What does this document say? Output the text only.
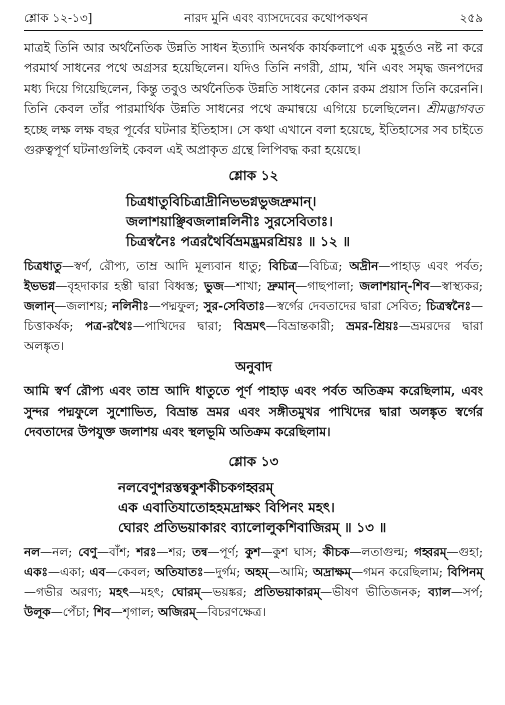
শ্লোক ১২-১৩]	নারদ মুনি এবং ব্যাসদেবের কথোপকথন	২৫৯

মাত্রই তিনি আর অর্থনৈতিক উন্নতি সাধন ইত্যাদি অনর্থক কার্যকলাপে এক মুহূর্তও নষ্ট না করে পরমার্থ সাধনের পথে অগ্রসর হয়েছিলেন। যদিও তিনি নগরী, গ্রাম, খনি এবং সমৃদ্ধ জনপদের মধ্য দিয়ে গিয়েছিলেন, কিন্তু তবুও অর্থনৈতিক উন্নতি সাধনের কোন রকম প্রয়াস তিনি করেননি। তিনি কেবল তাঁর পারমার্থিক উন্নতি সাধনের পথে ক্রমান্বয়ে এগিয়ে চলেছিলেন। শ্রীমদ্ভাগবত হচ্ছে লক্ষ লক্ষ বছর পূর্বের ঘটনার ইতিহাস। সে কথা এখানে বলা হয়েছে, ইতিহাসের সব চাইতে গুরুত্বপূর্ণ ঘটনাগুলিই কেবল এই অপ্রাকৃত গ্রন্থে লিপিবদ্ধ করা হয়েছে।

শ্লোক ১২
চিত্রধাতুবিচিত্রাদ্রীনিভভগ্নভুজদ্রুমান্।
জলাশয়াঞ্ছিবজলান্নলিনীঃ সুরসেবিতাঃ।
চিত্রস্বনৈঃ পত্ররথৈর্বিভ্রমদ্ভ্রমরশ্রিয়ঃ ॥ ১২ ॥

চিত্রধাতু—স্বর্ণ, রৌপ্য, তাম্র আদি মূল্যবান ধাতু; বিচিত্র—বিচিত্র; অদ্রীন—পাহাড় এবং পর্বত; ইভভগ্ন—বৃহদাকার হস্তী দ্বারা বিধ্বস্ত; ভুজ—শাখা; দ্রুমান্—গাছপালা; জলাশয়ান্-শিব—স্বাস্থ্যকর; জলান্—জলাশয়; নলিনীঃ—পদ্মফুল; সুর-সেবিতাঃ—স্বর্গের দেবতাদের দ্বারা সেবিত; চিত্রস্বনৈঃ—চিত্তাকর্ষক; পত্র-রথৈঃ—পাখিদের দ্বারা; বিভ্রমৎ—বিভ্রান্তকারী; ভ্রমর-শ্রিয়ঃ—ভ্রমরদের দ্বারা অলঙ্কৃত।

অনুবাদ

আমি স্বর্ণ রৌপ্য এবং তাম্র আদি ধাতুতে পূর্ণ পাহাড় এবং পর্বত অতিক্রম করেছিলাম, এবং সুন্দর পদ্মফুলে সুশোভিত, বিভ্রান্ত ভ্রমর এবং সঙ্গীতমুখর পাখিদের দ্বারা অলঙ্কৃত স্বর্গের দেবতাদের উপযুক্ত জলাশয় এবং স্থলভূমি অতিক্রম করেছিলাম।

শ্লোক ১৩
নলবেণুশরস্তন্বকুশকীচকগহ্বরম্
এক এবাতিযাতোহহমদ্রাক্ষং বিপিনং মহৎ।
ঘোরং প্রতিভয়াকারং ব্যালোলুকশিবাজিরম্ ॥ ১৩ ॥

নল—নল; বেণু—বাঁশ; শরঃ—শর; তন্ব—পূর্ণ; কুশ—কুশ ঘাস; কীচক—লতাগুল্ম; গহ্বরম্—গুহা; একঃ—একা; এব—কেবল; অতিযাতঃ—দুর্গম; অহম্—আমি; অদ্রাক্ষম্—গমন করেছিলাম; বিপিনম্—গভীর অরণ্য; মহৎ—মহৎ; ঘোরম্—ভয়ঙ্কর; প্রতিভয়াকারম্—ভীষণ ভীতিজনক; ব্যাল—সর্প; উলূক—পেঁচা; শিব—শৃগাল; অজিরম্—বিচরণক্ষেত্র।
